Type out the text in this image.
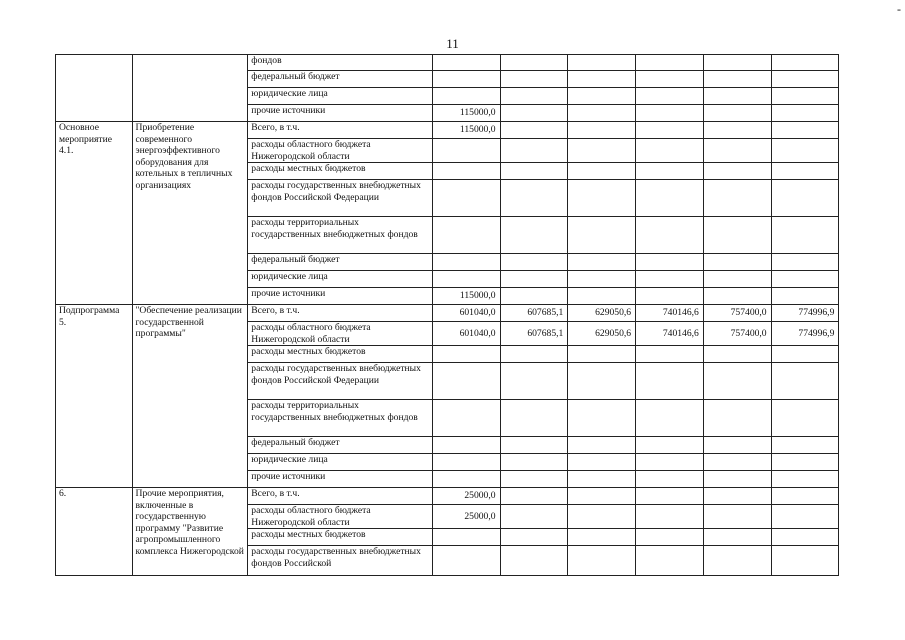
-
11
		фондов						
		федеральный бюджет						
		юридические лица						
		прочие источники	115000,0					
Основное мероприятие 4.1.	Приобретение современного энергоэффективного оборудования для котельных в тепличных организациях	Всего, в т.ч.	115000,0					
		расходы областного бюджета Нижегородской области						
		расходы местных бюджетов						
		расходы государственных внебюджетных фондов Российской Федерации						
		расходы территориальных государственных внебюджетных фондов						
		федеральный бюджет						
		юридические лица						
		прочие источники	115000,0					
Подпрограмма 5.	"Обеспечение реализации государственной программы"	Всего, в т.ч.	601040,0	607685,1	629050,6	740146,6	757400,0	774996,9
		расходы областного бюджета Нижегородской области	601040,0	607685,1	629050,6	740146,6	757400,0	774996,9
		расходы местных бюджетов						
		расходы государственных внебюджетных фондов Российской Федерации						
		расходы территориальных государственных внебюджетных фондов						
		федеральный бюджет						
		юридические лица						
		прочие источники						
6.	Прочие мероприятия, включенные в государственную программу "Развитие агропромышленного комплекса Нижегородской	Всего, в т.ч.	25000,0					
		расходы областного бюджета Нижегородской области	25000,0					
		расходы местных бюджетов						
		расходы государственных внебюджетных фондов Российской						
